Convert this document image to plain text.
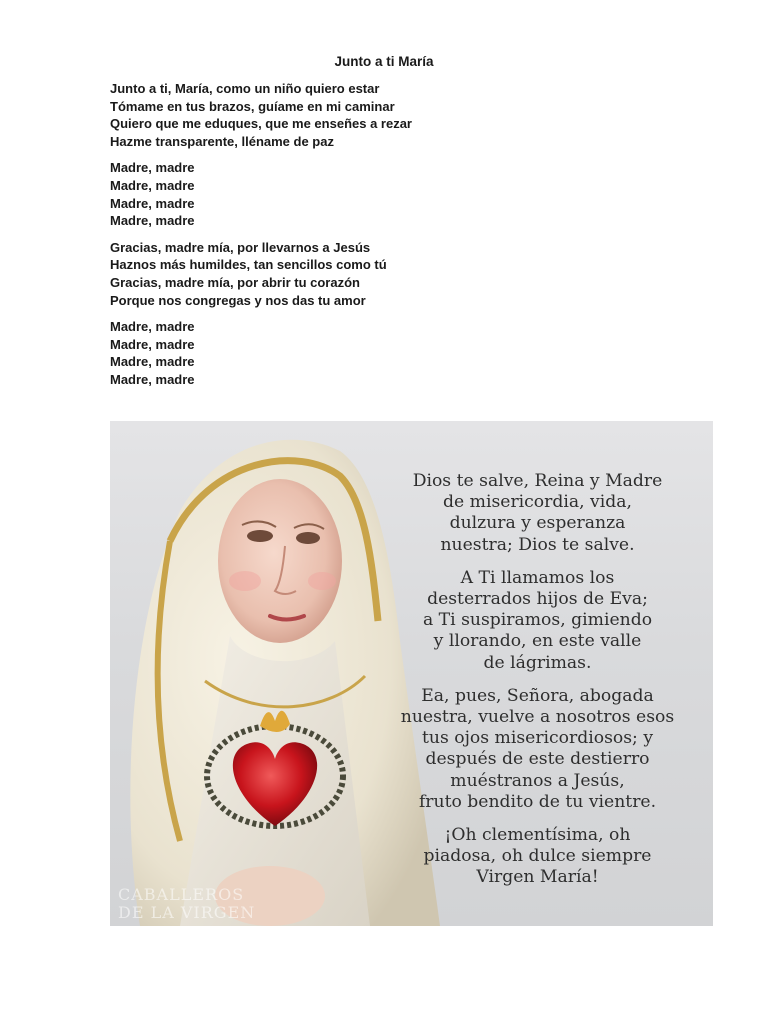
Junto a ti María
Junto a ti, María, como un niño quiero estar
Tómame en tus brazos, guíame en mi caminar
Quiero que me eduques, que me enseñes a rezar
Hazme transparente, lléname de paz
Madre, madre
Madre, madre
Madre, madre
Madre, madre
Gracias, madre mía, por llevarnos a Jesús
Haznos más humildes, tan sencillos como tú
Gracias, madre mía, por abrir tu corazón
Porque nos congregas y nos das tu amor
Madre, madre
Madre, madre
Madre, madre
Madre, madre
Dios te salve, Reina y Madre
de misericordia, vida,
dulzura y esperanza
nuestra; Dios te salve.
A Ti llamamos los
desterrados hijos de Eva;
a Ti suspiramos, gimiendo
y llorando, en este valle
de lágrimas.
Ea, pues, Señora, abogada
nuestra, vuelve a nosotros esos
tus ojos misericordiosos; y
después de este destierro
muéstranos a Jesús,
fruto bendito de tu vientre.
¡Oh clementísima, oh
piadosa, oh dulce siempre
Virgen María!
CABALLEROS
DE LA VIRGEN
